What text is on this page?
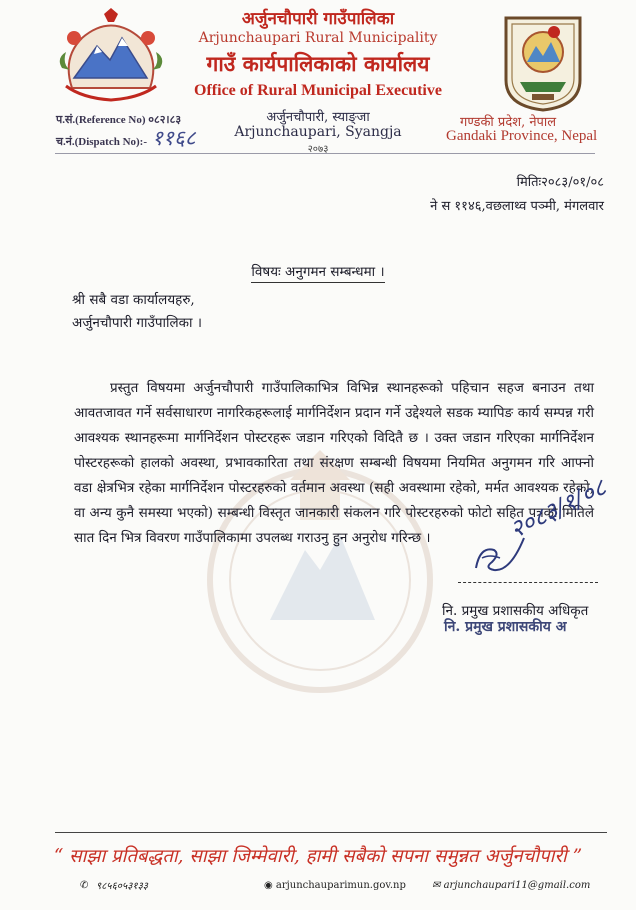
अर्जुनचौपारी गाउँपालिका
Arjunchaupari Rural Municipality
गाउँ कार्यपालिकाको कार्यालय
Office of Rural Municipal Executive
अर्जुनचौपारी, स्याङ्जा
Arjunchaupari, Syangja
२०७३
प.सं.(Reference No) ०८२।८३
च.नं.(Dispatch No):- ११६८
गण्डकी प्रदेश, नेपाल
Gandaki Province, Nepal
मितिः२०८३/०१/०८
ने स ११४६,वछलाथ्व पञ्मी, मंगलवार
विषयः अनुगमन सम्बन्धमा ।
श्री सबै वडा कार्यालयहरु,
अर्जुनचौपारी गाउँपालिका ।
प्रस्तुत विषयमा अर्जुनचौपारी गाउँपालिकाभित्र विभिन्न स्थानहरूको पहिचान सहज बनाउन तथा आवतजावत गर्ने सर्वसाधारण नागरिकहरूलाई मार्गनिर्देशन प्रदान गर्ने उद्देश्यले सडक म्यापिङ कार्य सम्पन्न गरी आवश्यक स्थानहरूमा मार्गनिर्देशन पोस्टरहरू जडान गरिएको विदितै छ । उक्त जडान गरिएका मार्गनिर्देशन पोस्टरहरूको हालको अवस्था, प्रभावकारिता तथा संरक्षण सम्बन्धी विषयमा नियमित अनुगमन गरि आफ्नो वडा क्षेत्रभित्र रहेका मार्गनिर्देशन पोस्टरहरुको वर्तमान अवस्था (सही अवस्थामा रहेको, मर्मत आवश्यक रहेको, वा अन्य कुनै समस्या भएको) सम्बन्धी विस्तृत जानकारी संकलन गरि पोस्टरहरुको फोटो सहित पत्रको मितिले सात दिन भित्र विवरण गाउँपालिकामा उपलब्ध गराउनु हुन अनुरोध गरिन्छ ।	२०८३/१/०८
नि. प्रमुख प्रशासकीय अधिकृत
नि. प्रमुख प्रशासकीय अ
“ साझा प्रतिबद्धता, साझा जिम्मेवारी, हामी सबैको सपना समुन्नत अर्जुनचौपारी ”
✆ ९८५६०५३१३३	◉ arjunchauparimun.gov.np	✉ arjunchaupari11@gmail.com
